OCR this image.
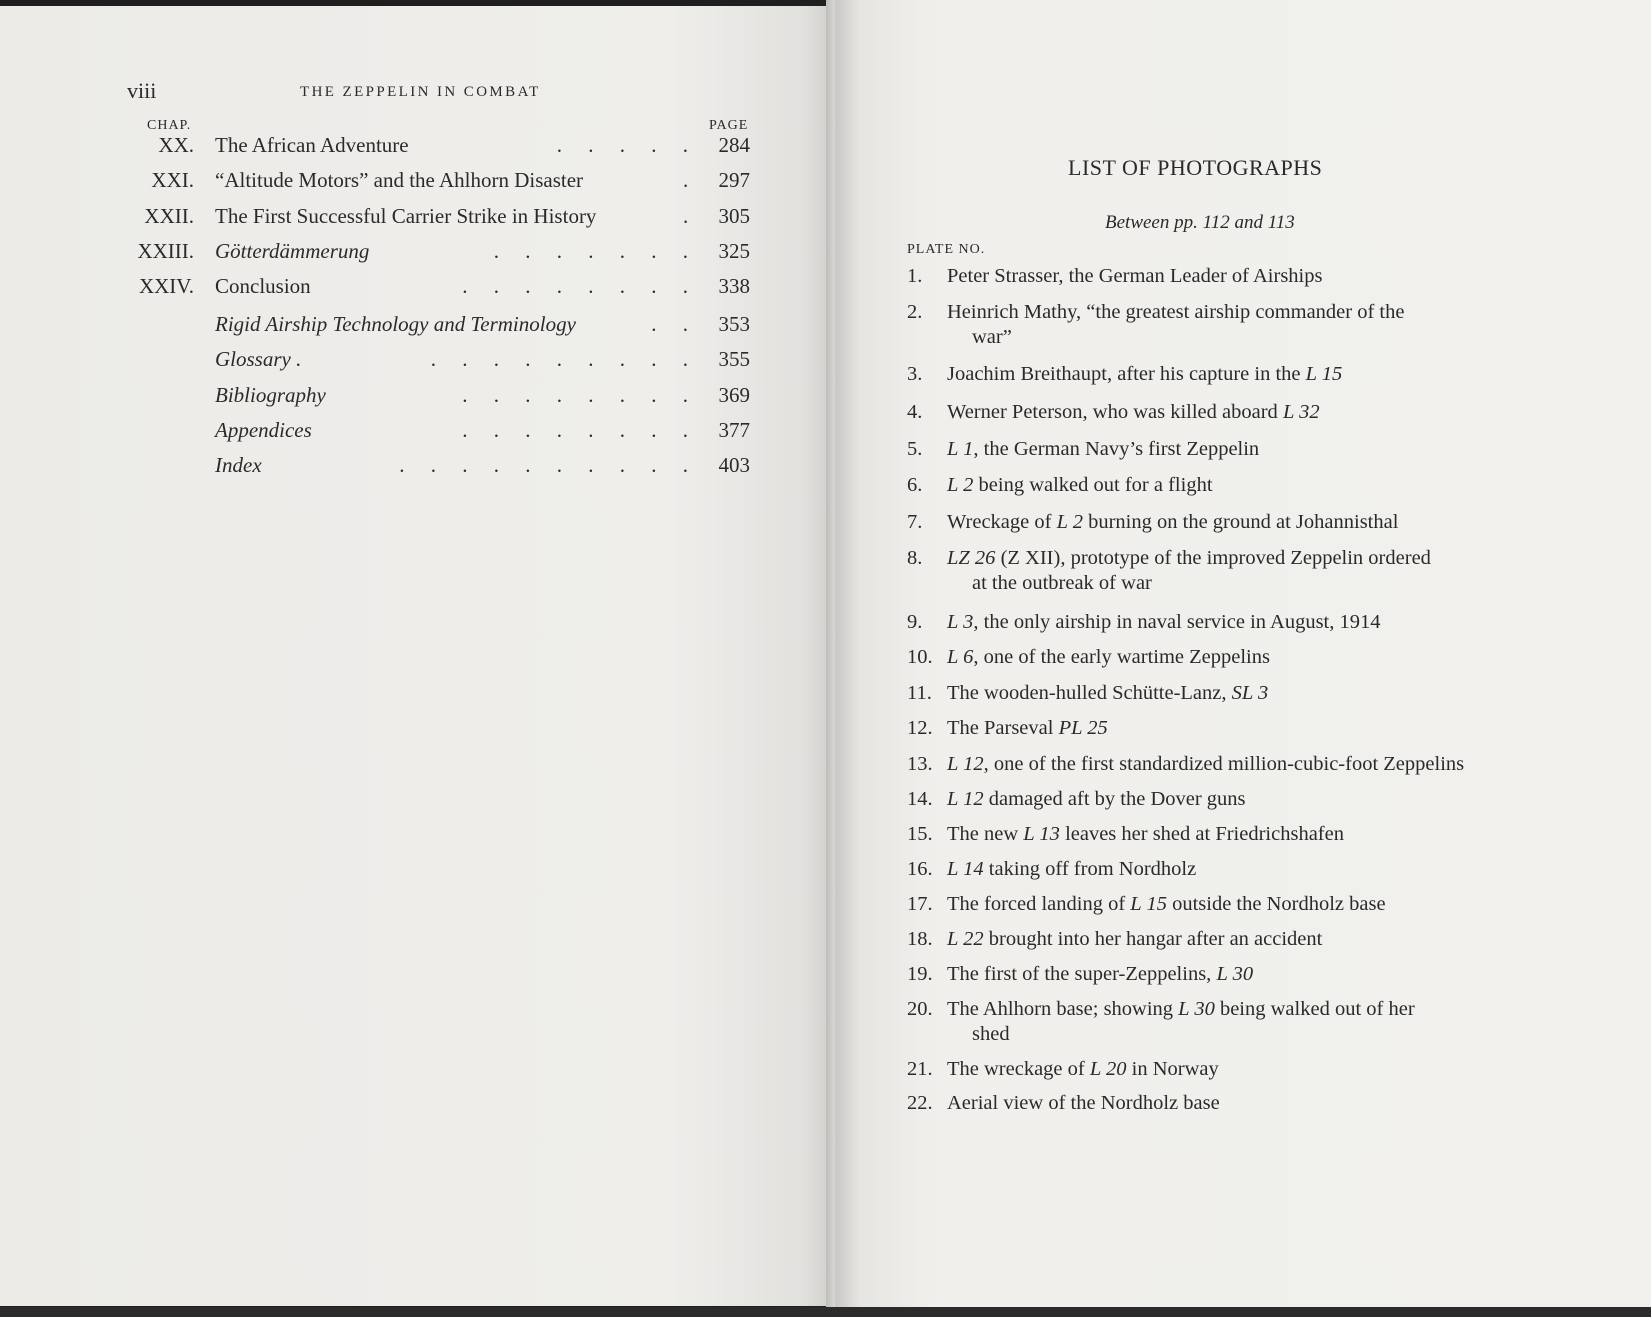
viii	THE ZEPPELIN IN COMBAT
CHAP.	PAGE
XX. The African Adventure	.     .     .     .     . 284
XXI. “Altitude Motors” and the Ahlhorn Disaster	. 297
XXII. The First Successful Carrier Strike in History	. 305
XXIII. Götterdämmerung	.     .     .     .     .     .     . 325
XXIV. Conclusion	.     .     .     .     .     .     .     . 338
Rigid Airship Technology and Terminology	.     . 353
Glossary .	.     .     .     .     .     .     .     .     . 355
Bibliography	.     .     .     .     .     .     .     . 369
Appendices	.     .     .     .     .     .     .     . 377
Index	.     .     .     .     .     .     .     .     .     . 403
LIST OF PHOTOGRAPHS
Between pp. 112 and 113
PLATE NO.
1.	Peter Strasser, the German Leader of Airships
2.	Heinrich Mathy, “the greatest airship commander of the
war”
3.	Joachim Breithaupt, after his capture in the L 15
4.	Werner Peterson, who was killed aboard L 32
5.	L 1, the German Navy’s first Zeppelin
6.	L 2 being walked out for a flight
7.	Wreckage of L 2 burning on the ground at Johannisthal
8.	LZ 26 (Z XII), prototype of the improved Zeppelin ordered
at the outbreak of war
9.	L 3, the only airship in naval service in August, 1914
10. L 6, one of the early wartime Zeppelins
11. The wooden-hulled Schütte-Lanz, SL 3
12. The Parseval PL 25
13. L 12, one of the first standardized million-cubic-foot Zeppelins
14. L 12 damaged aft by the Dover guns
15. The new L 13 leaves her shed at Friedrichshafen
16. L 14 taking off from Nordholz
17. The forced landing of L 15 outside the Nordholz base
18. L 22 brought into her hangar after an accident
19. The first of the super-Zeppelins, L 30
20. The Ahlhorn base; showing L 30 being walked out of her
shed
21. The wreckage of L 20 in Norway
22. Aerial view of the Nordholz base
